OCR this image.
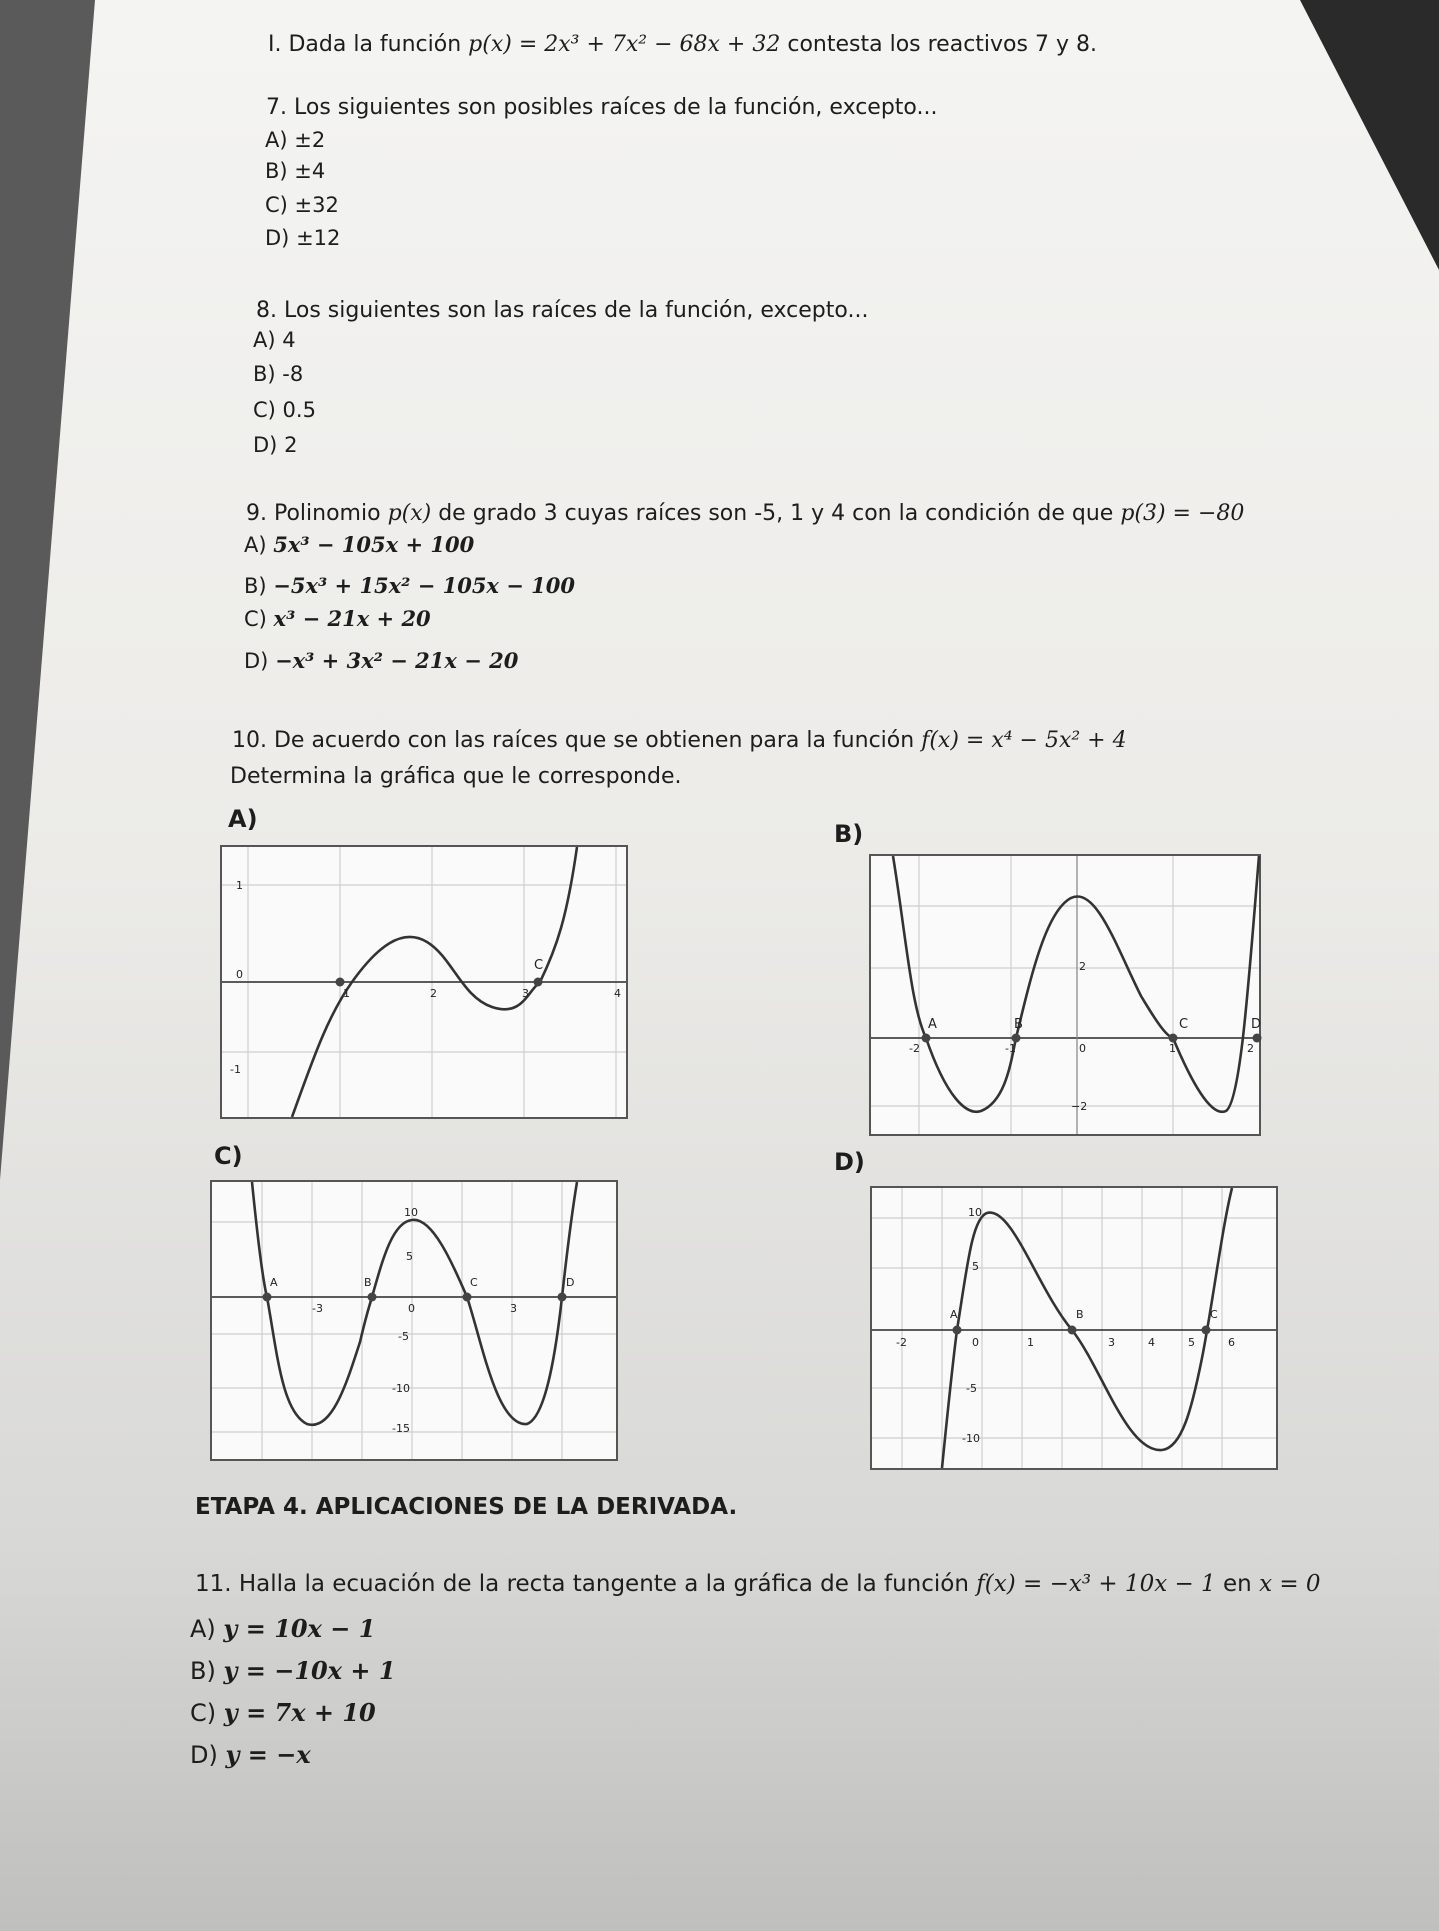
I. Dada la función p(x) = 2x³ + 7x² − 68x + 32 contesta los reactivos 7 y 8.
7. Los siguientes son posibles raíces de la función, excepto...
A) ±2
B) ±4
C) ±32
D) ±12
8. Los siguientes son las raíces de la función, excepto...
A) 4
B) -8
C) 0.5
D) 2
9. Polinomio p(x) de grado 3 cuyas raíces son -5, 1 y 4 con la condición de que p(3) = −80
A) 5x³ − 105x + 100
B) −5x³ + 15x² − 105x − 100
C) x³ − 21x + 20
D) −x³ + 3x² − 21x − 20
10. De acuerdo con las raíces que se obtienen para la función f(x) = x⁴ − 5x² + 4
Determina la gráfica que le corresponde.
A)
1
0
-1
1	2	3	4
C
B)
2
0
−2
-2	-1	1	2
A	B	C	D
C)
10
5
-5
-10
-15
-3	0	3
A	B	C	D
D)
10
5
0
-5
-10
-2	1	3	4	5	6
A	B	C
ETAPA 4. APLICACIONES DE LA DERIVADA.
11. Halla la ecuación de la recta tangente a la gráfica de la función f(x) = −x³ + 10x − 1 en x = 0
A) y = 10x − 1
B) y = −10x + 1
C) y = 7x + 10
D) y = −x
